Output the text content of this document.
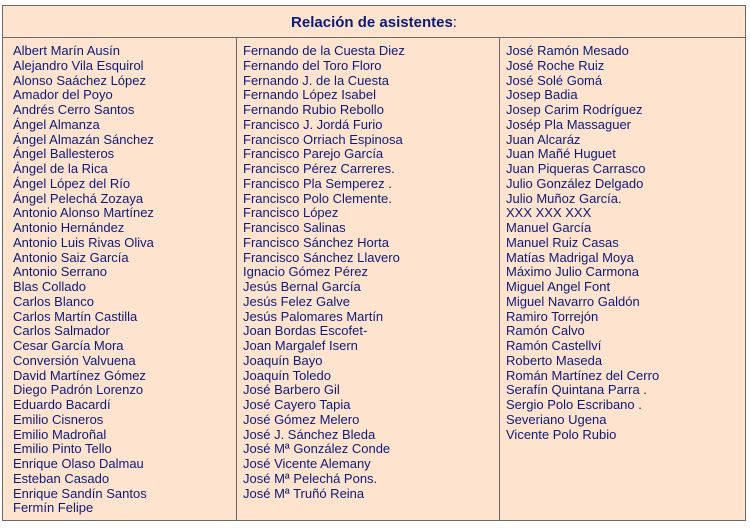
Relación de asistentes:
Albert Marín Ausín
Alejandro Vila Esquirol
Alonso Saáchez López
Amador del Poyo
Andrés Cerro Santos
Ángel Almanza
Ángel Almazán Sánchez
Ángel Ballesteros
Ángel de la Rica
Ángel López del Río
Ángel Pelechá Zozaya
Antonio Alonso Martínez
Antonio Hernández
Antonio Luis Rivas Oliva
Antonio Saiz García
Antonio Serrano
Blas Collado
Carlos Blanco
Carlos Martín Castilla
Carlos Salmador
Cesar García Mora
Conversión Valvuena
David Martínez Gómez
Diego Padrón Lorenzo
Eduardo Bacardí
Emilio Cisneros
Emilio Madroñal
Emilio Pinto Tello
Enrique Olaso Dalmau
Esteban Casado
Enrique Sandín Santos
Fermín Felipe
Fernando de la Cuesta Diez
Fernando del Toro Floro
Fernando J. de la Cuesta
Fernando López Isabel
Fernando Rubio Rebollo
Francisco J. Jordá Furio
Francisco Orriach Espinosa
Francisco Parejo García
Francisco Pérez Carreres.
Francisco Pla Semperez .
Francisco Polo Clemente.
Francisco López
Francisco Salinas
Francisco Sánchez Horta
Francisco Sánchez Llavero
Ignacio Gómez Pérez
Jesús Bernal García
Jesús Felez Galve
Jesús Palomares Martín
Joan Bordas Escofet-
Joan Margalef Isern
Joaquín Bayo
Joaquín Toledo
José Barbero Gil
José Cayero Tapia
José Gómez Melero
José J. Sánchez Bleda
José Mª González Conde
José Vicente Alemany
José Mª Pelechá Pons.
José Mª Truñó Reina
José Ramón Mesado
José Roche Ruiz
José Solé Gomá
Josep Badia
Josep Carim Rodríguez
Josép Pla Massaguer
Juan Alcaráz
Juan Mañé Huguet
Juan Piqueras Carrasco
Julio González Delgado
Julio Muñoz García.
XXX XXX XXX
Manuel García
Manuel Ruiz Casas
Matías Madrigal Moya
Máximo Julio Carmona
Miguel Angel Font
Miguel Navarro Galdón
Ramiro Torrejón
Ramón Calvo
Ramón Castellví
Roberto Maseda
Román Martínez del Cerro
Serafín Quintana Parra .
Sergio Polo Escribano .
Severiano Ugena
Vicente Polo Rubio
